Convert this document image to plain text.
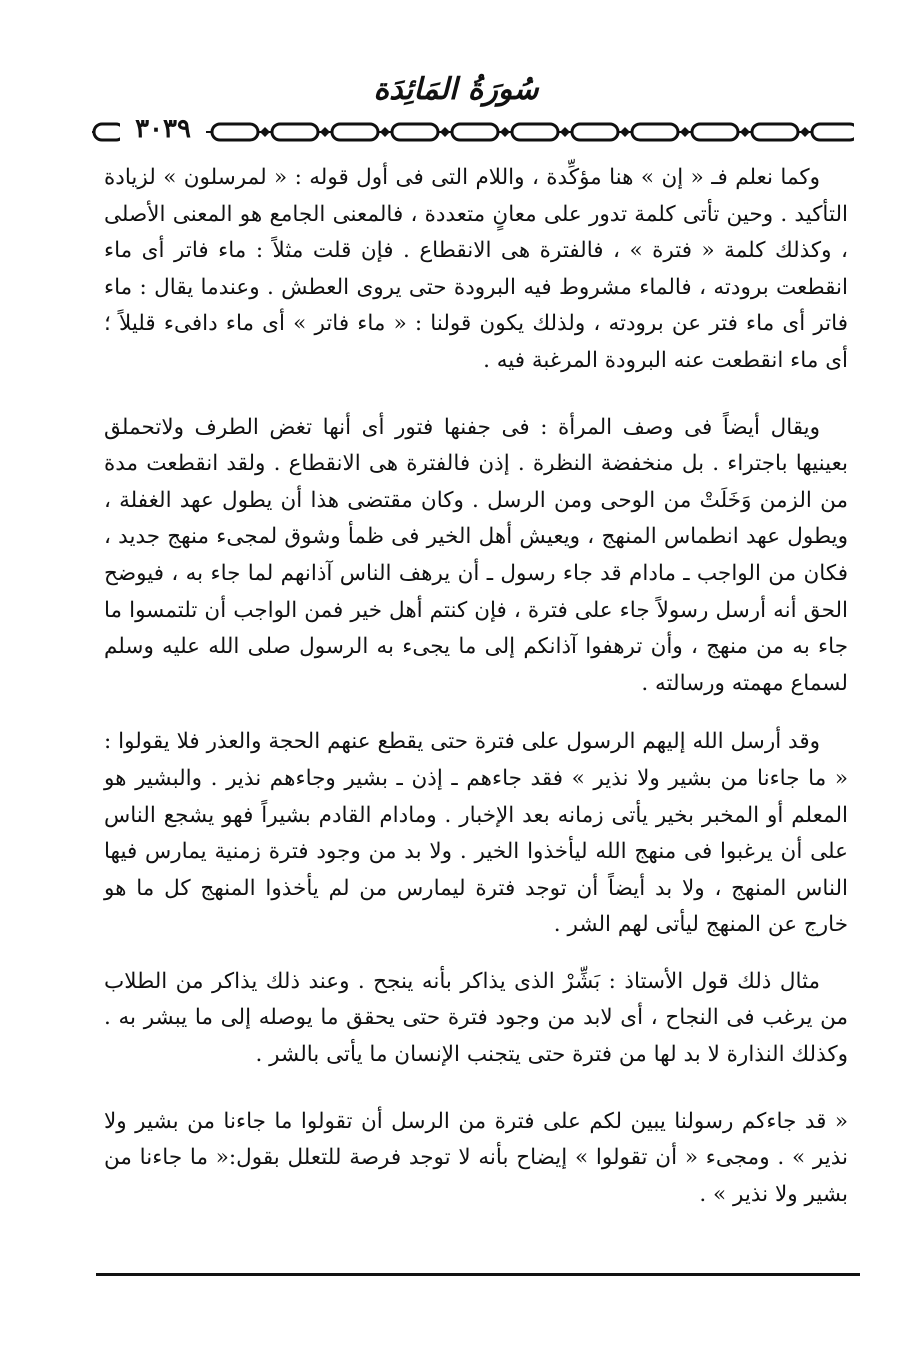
سُورَةُ المَائِدَة
٣٠٣٩

وكما نعلم فـ « إن » هنا مؤكِّدة ، واللام التى فى أول قوله : « لمرسلون » لزيادة التأكيد . وحين تأتى كلمة تدور على معانٍ متعددة ، فالمعنى الجامع هو المعنى الأصلى ، وكذلك كلمة « فترة » ، فالفترة هى الانقطاع . فإن قلت مثلاً : ماء فاتر أى ماء انقطعت برودته ، فالماء مشروط فيه البرودة حتى يروى العطش . وعندما يقال : ماء فاتر أى ماء فتر عن برودته ، ولذلك يكون قولنا : « ماء فاتر » أى ماء دافىء قليلاً ؛ أى ماء انقطعت عنه البرودة المرغبة فيه .

ويقال أيضاً فى وصف المرأة : فى جفنها فتور أى أنها تغض الطرف ولاتحملق بعينيها باجتراء . بل منخفضة النظرة . إذن فالفترة هى الانقطاع . ولقد انقطعت مدة من الزمن وَخَلَتْ من الوحى ومن الرسل . وكان مقتضى هذا أن يطول عهد الغفلة ، ويطول عهد انطماس المنهج ، ويعيش أهل الخير فى ظمأ وشوق لمجىء منهج جديد ، فكان من الواجب ـ مادام قد جاء رسول ـ أن يرهف الناس آذانهم لما جاء به ، فيوضح الحق أنه أرسل رسولاً جاء على فترة ، فإن كنتم أهل خير فمن الواجب أن تلتمسوا ما جاء به من منهج ، وأن ترهفوا آذانكم إلى ما يجىء به الرسول صلى الله عليه وسلم لسماع مهمته ورسالته .

وقد أرسل الله إليهم الرسول على فترة حتى يقطع عنهم الحجة والعذر فلا يقولوا : « ما جاءنا من بشير ولا نذير » فقد جاءهم ـ إذن ـ بشير وجاءهم نذير . والبشير هو المعلم أو المخبر بخير يأتى زمانه بعد الإخبار . ومادام القادم بشيراً فهو يشجع الناس على أن يرغبوا فى منهج الله ليأخذوا الخير . ولا بد من وجود فترة زمنية يمارس فيها الناس المنهج ، ولا بد أيضاً أن توجد فترة ليمارس من لم يأخذوا المنهج كل ما هو خارج عن المنهج ليأتى لهم الشر .

مثال ذلك قول الأستاذ : بَشِّرْ الذى يذاكر بأنه ينجح . وعند ذلك يذاكر من الطلاب من يرغب فى النجاح ، أى لابد من وجود فترة حتى يحقق ما يوصله إلى ما يبشر به . وكذلك النذارة لا بد لها من فترة حتى يتجنب الإنسان ما يأتى بالشر .

« قد جاءكم رسولنا يبين لكم على فترة من الرسل أن تقولوا ما جاءنا من بشير ولا نذير » . ومجىء « أن تقولوا » إيضاح بأنه لا توجد فرصة للتعلل بقول:« ما جاءنا من بشير ولا نذير » .
